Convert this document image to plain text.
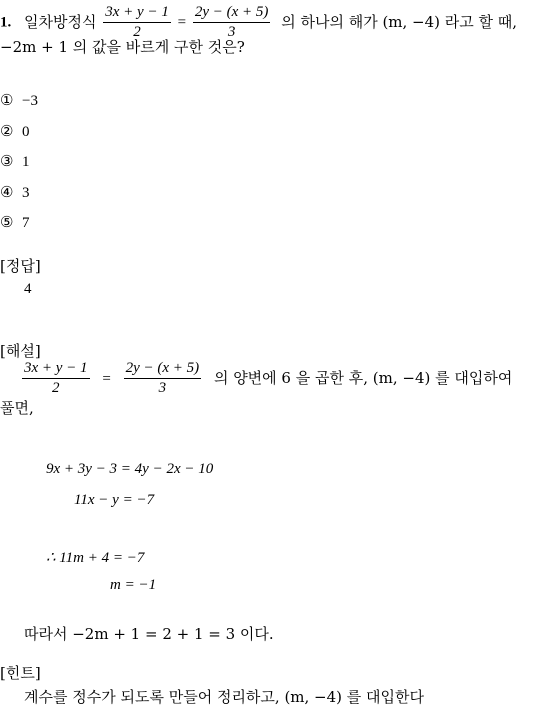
1. 일차방정식 $\frac{3x + y - 1}{2} = \frac{2y - (x + 5)}{3}$ 의 하나의 해가 (m, −4) 라고 할 때,
−2m + 1 의 값을 바르게 구한 것은?
① −3
② 0
③ 1
④ 3
⑤ 7
[정답]
4
[해설]
$\frac{3x + y - 1}{2} = \frac{2y - (x + 5)}{3}$ 의 양변에 6 을 곱한 후, (m, −4) 를 대입하여
풀면,
9x + 3y − 3 = 4y − 2x − 10
11x − y = −7
∴ 11m + 4 = −7
m = −1
따라서 −2m + 1 = 2 + 1 = 3 이다.
[힌트]
계수를 정수가 되도록 만들어 정리하고, (m, −4) 를 대입한다
